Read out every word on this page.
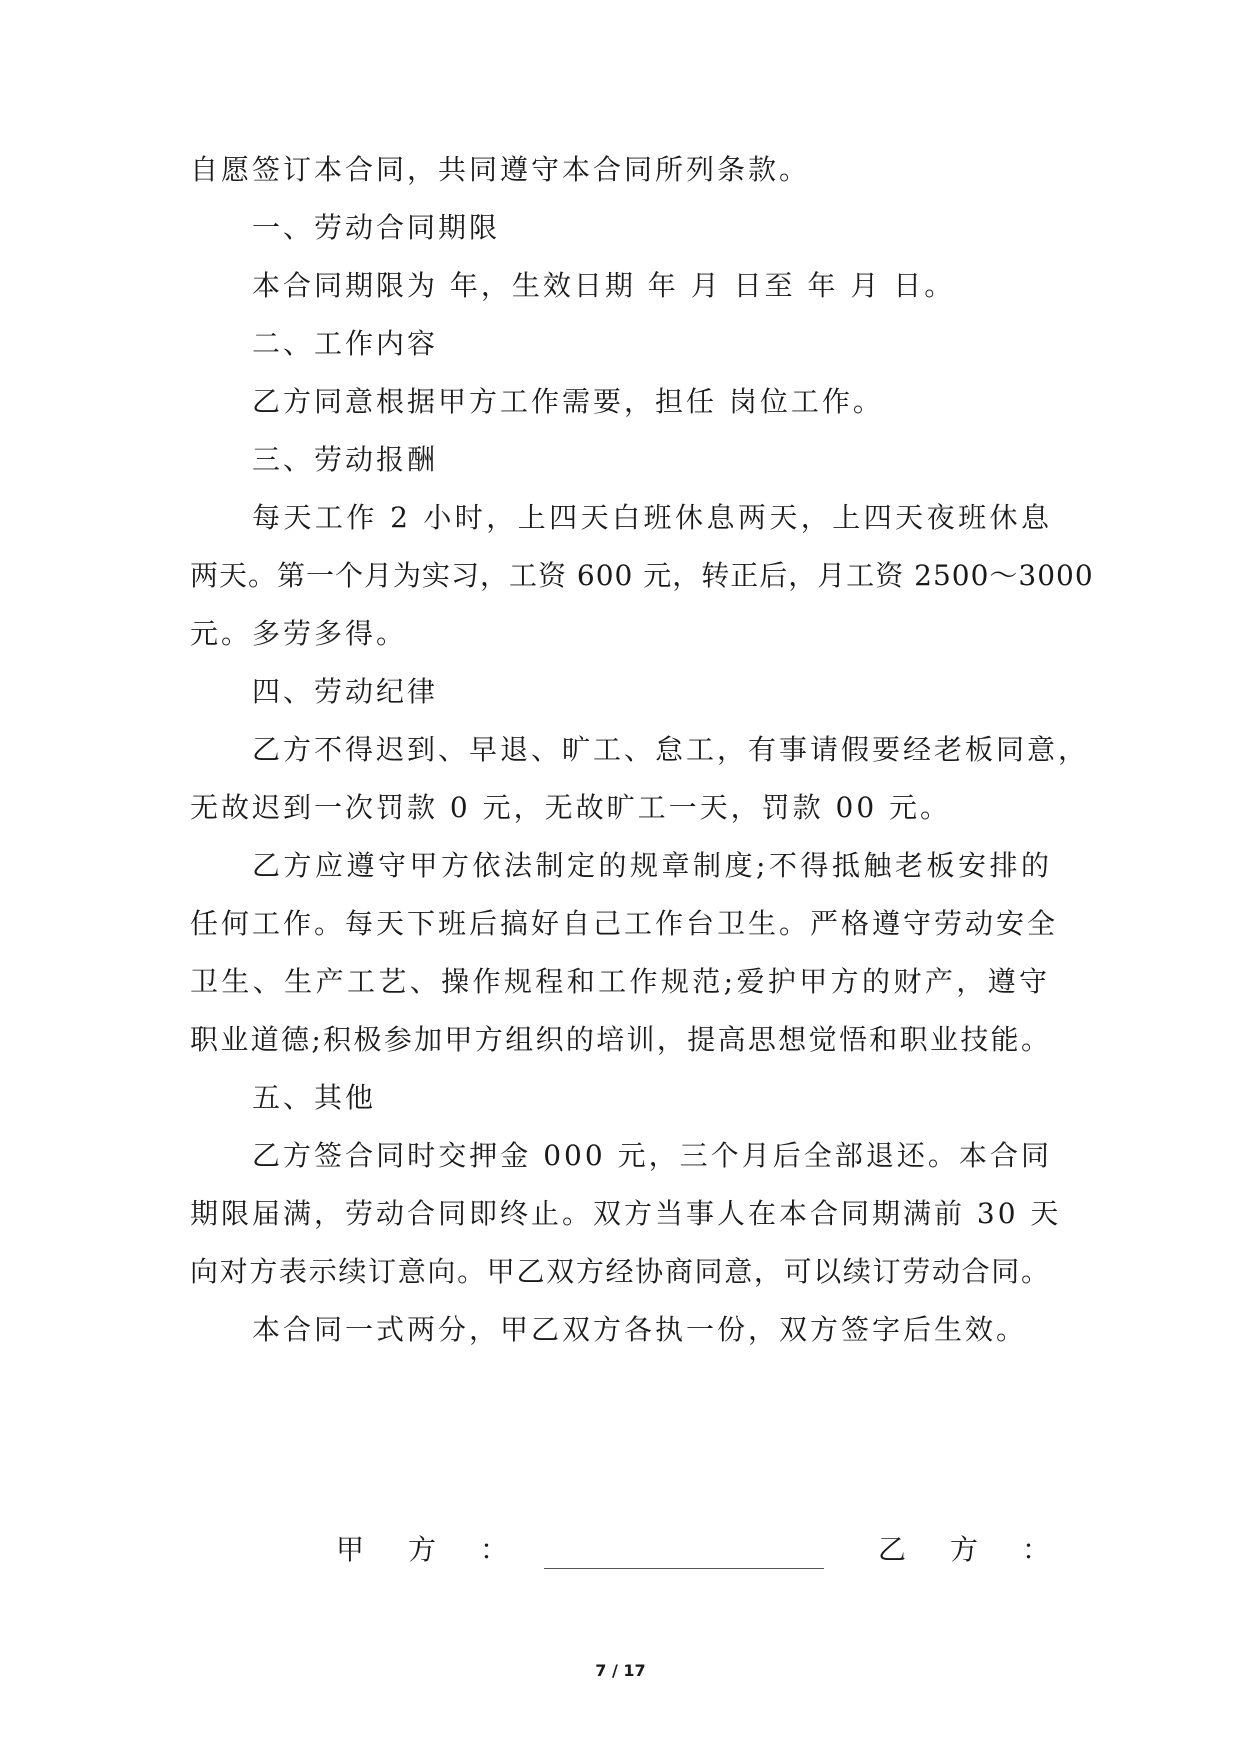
自愿签订本合同，共同遵守本合同所列条款。
一、劳动合同期限
本合同期限为 年，生效日期 年 月 日至 年 月 日。
二、工作内容
乙方同意根据甲方工作需要，担任 岗位工作。
三、劳动报酬
每天工作 2 小时，上四天白班休息两天，上四天夜班休息
两天。第一个月为实习，工资 600 元，转正后，月工资 2500～3000
元。多劳多得。
四、劳动纪律
乙方不得迟到、早退、旷工、怠工，有事请假要经老板同意，
无故迟到一次罚款 0 元，无故旷工一天，罚款 00 元。
乙方应遵守甲方依法制定的规章制度;不得抵触老板安排的
任何工作。每天下班后搞好自己工作台卫生。严格遵守劳动安全
卫生、生产工艺、操作规程和工作规范;爱护甲方的财产，遵守
职业道德;积极参加甲方组织的培训，提高思想觉悟和职业技能。
五、其他
乙方签合同时交押金 000 元，三个月后全部退还。本合同
期限届满，劳动合同即终止。双方当事人在本合同期满前 30 天
向对方表示续订意向。甲乙双方经协商同意，可以续订劳动合同。
本合同一式两分，甲乙双方各执一份，双方签字后生效。
甲　方　：	乙　方　：
7 / 17
